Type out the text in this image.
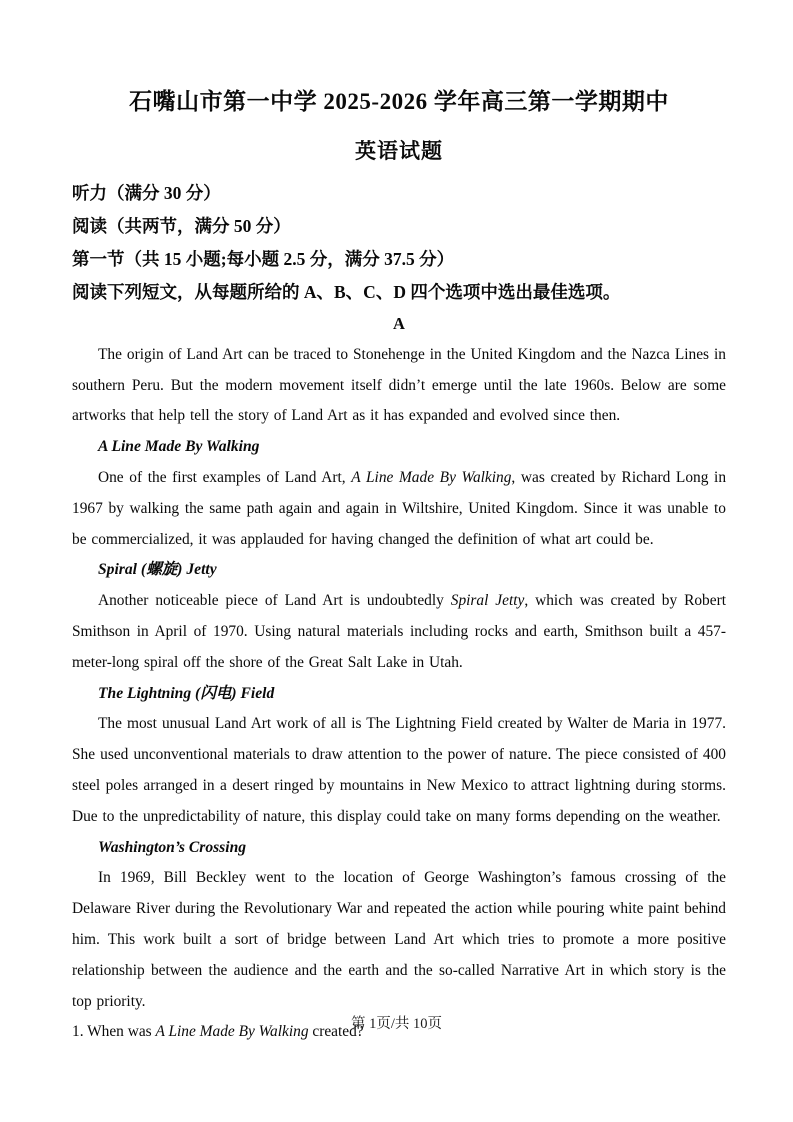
石嘴山市第一中学 2025-2026 学年高三第一学期期中
英语试题

听力（满分 30 分）

阅读（共两节，满分 50 分）

第一节（共 15 小题;每小题 2.5 分，满分 37.5 分）

阅读下列短文，从每题所给的 A、B、C、D 四个选项中选出最佳选项。

A

The origin of Land Art can be traced to Stonehenge in the United Kingdom and the Nazca Lines in southern Peru. But the modern movement itself didn’t emerge until the late 1960s. Below are some artworks that help tell the story of Land Art as it has expanded and evolved since then.

A Line Made By Walking

One of the first examples of Land Art, A Line Made By Walking, was created by Richard Long in 1967 by walking the same path again and again in Wiltshire, United Kingdom. Since it was unable to be commercialized, it was applauded for having changed the definition of what art could be.

Spiral (螺旋) Jetty

Another noticeable piece of Land Art is undoubtedly Spiral Jetty, which was created by Robert Smithson in April of 1970. Using natural materials including rocks and earth, Smithson built a 457-meter-long spiral off the shore of the Great Salt Lake in Utah.

The Lightning (闪电) Field

The most unusual Land Art work of all is The Lightning Field created by Walter de Maria in 1977. She used unconventional materials to draw attention to the power of nature. The piece consisted of 400 steel poles arranged in a desert ringed by mountains in New Mexico to attract lightning during storms. Due to the unpredictability of nature, this display could take on many forms depending on the weather.

Washington’s Crossing

In 1969, Bill Beckley went to the location of George Washington’s famous crossing of the Delaware River during the Revolutionary War and repeated the action while pouring white paint behind him. This work built a sort of bridge between Land Art which tries to promote a more positive relationship between the audience and the earth and the so-called Narrative Art in which story is the top priority.

1. When was A Line Made By Walking created?

第 1页/共 10页
